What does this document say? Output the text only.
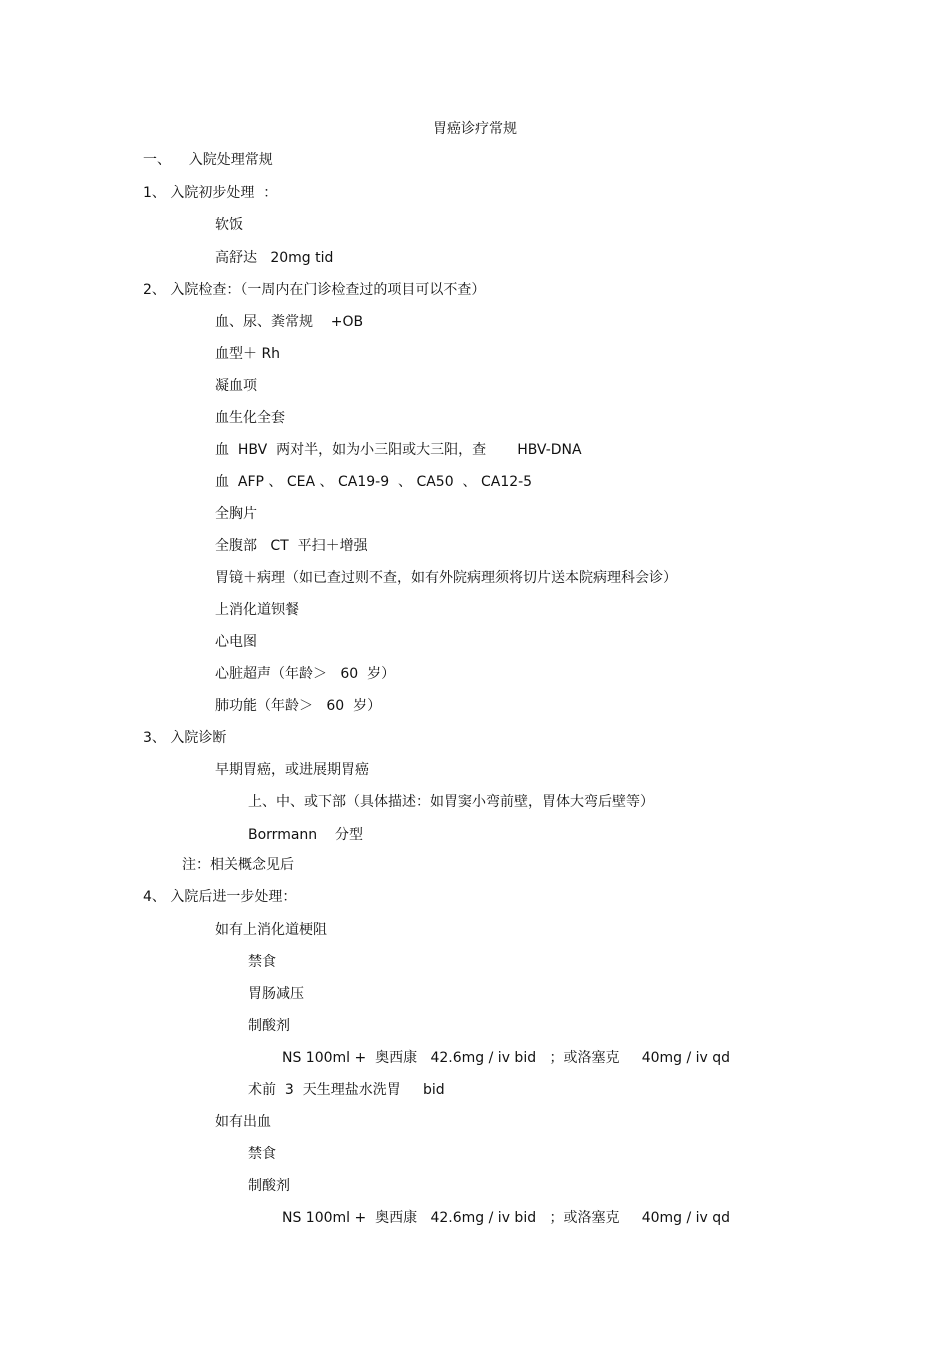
胃癌诊疗常规
一、    入院处理常规
1、 入院初步处理  ：
软饭
高舒达   20mg tid
2、 入院检查：（一周内在门诊检查过的项目可以不查）
血、尿、粪常规    +OB
血型＋ Rh
凝血项
血生化全套
血  HBV  两对半，如为小三阳或大三阳，查       HBV-DNA
血  AFP 、 CEA 、 CA19-9  、 CA50  、 CA12-5
全胸片
全腹部   CT  平扫＋增强
胃镜＋病理（如已查过则不查，如有外院病理须将切片送本院病理科会诊）
上消化道钡餐
心电图
心脏超声（年龄＞   60  岁）
肺功能（年龄＞   60  岁）
3、 入院诊断
早期胃癌，或进展期胃癌
上、中、或下部（具体描述：如胃窦小弯前壁，胃体大弯后壁等）
Borrmann    分型
注：相关概念见后
4、 入院后进一步处理：
如有上消化道梗阻
禁食
胃肠减压
制酸剂
NS 100ml +  奥西康   42.6mg / iv bid   ；或洛塞克     40mg / iv qd
术前  3  天生理盐水洗胃     bid
如有出血
禁食
制酸剂
NS 100ml +  奥西康   42.6mg / iv bid   ；或洛塞克     40mg / iv qd
